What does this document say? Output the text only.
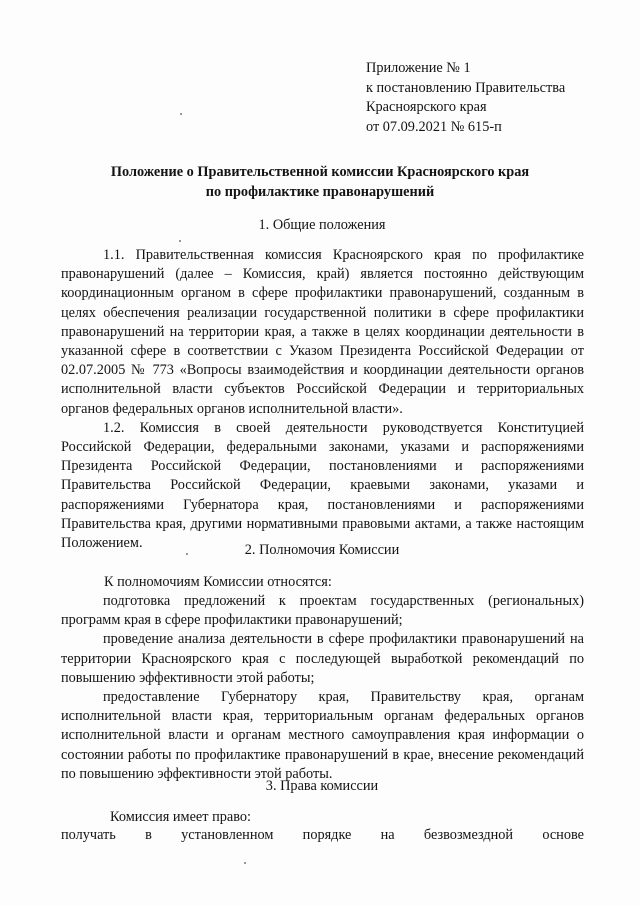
Приложение № 1
к постановлению Правительства
Красноярского края
от 07.09.2021 № 615-п
Положение о Правительственной комиссии Красноярского края
по профилактике правонарушений
1. Общие положения

1.1. Правительственная комиссия Красноярского края по профилактике правонарушений (далее – Комиссия, край) является постоянно действующим координационным органом в сфере профилактики правонарушений, созданным в целях обеспечения реализации государственной политики в сфере профилактики правонарушений на территории края, а также в целях координации деятельности в указанной сфере в соответствии с Указом Президента Российской Федерации от 02.07.2005 № 773 «Вопросы взаимодействия и координации деятельности органов исполнительной власти субъектов Российской Федерации и территориальных органов федеральных органов исполнительной власти».

1.2. Комиссия в своей деятельности руководствуется Конституцией Российской Федерации, федеральными законами, указами и распоряжениями Президента Российской Федерации, постановлениями и распоряжениями Правительства Российской Федерации, краевыми законами, указами и распоряжениями Губернатора края, постановлениями и распоряжениями Правительства края, другими нормативными правовыми актами, а также настоящим Положением.	2. Полномочия Комиссии
К полномочиям Комиссии относятся:

подготовка предложений к проектам государственных (региональных) программ края в сфере профилактики правонарушений;

проведение анализа деятельности в сфере профилактики правонарушений на территории Красноярского края с последующей выработкой рекомендаций по повышению эффективности этой работы;

предоставление Губернатору края, Правительству края, органам исполнительной власти края, территориальным органам федеральных органов исполнительной власти и органам местного самоуправления края информации о состоянии работы по профилактике правонарушений в крае, внесение рекомендаций по повышению эффективности этой работы.

3. Права комиссии
Комиссия имеет право:
получать в установленном порядке на безвозмездной основе
